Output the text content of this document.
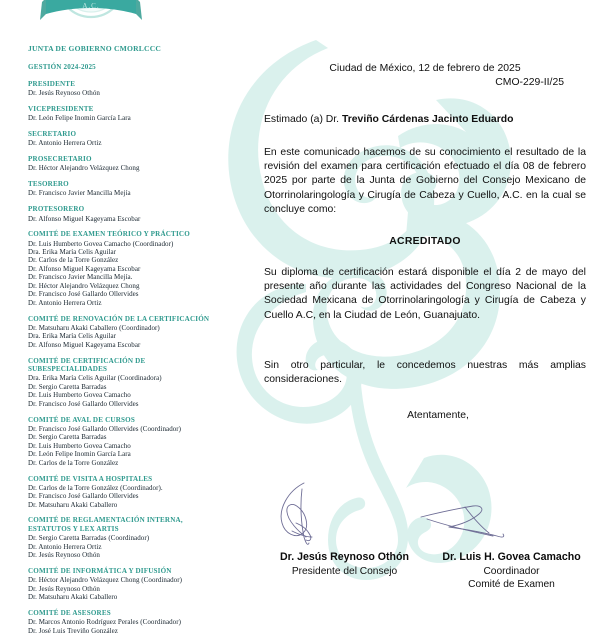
A.C.
JUNTA DE GOBIERNO CMORLCCC
GESTIÓN 2024-2025
PRESIDENTE
Dr. Jesús Reynoso Othón
VICEPRESIDENTE
Dr. León Felipe Inomin García Lara
SECRETARIO
Dr. Antonio Herrera Ortiz
PROSECRETARIO
Dr. Héctor Alejandro Velázquez Chong
TESORERO
Dr. Francisco Javier Mancilla Mejía
PROTESORERO
Dr. Alfonso Miguel Kageyama Escobar
COMITÉ DE EXAMEN TEÓRICO Y PRÁCTICO
Dr. Luis Humberto Govea Camacho (Coordinador)
Dra. Erika María Celis Aguilar
Dr. Carlos de la Torre González
Dr. Alfonso Miguel Kageyama Escobar
Dr. Francisco Javier Mancilla Mejía.
Dr. Héctor Alejandro Velázquez Chong
Dr. Francisco José Gallardo Ollervides
Dr. Antonio Herrera Ortiz
COMITÉ DE RENOVACIÓN DE LA CERTIFICACIÓN
Dr. Matsuharu Akaki Caballero (Coordinador)
Dra. Erika María Celis Aguilar
Dr. Alfonso Miguel Kageyama Escobar
COMITÉ DE CERTIFICACIÓN DE SUBESPECIALIDADES
Dra. Erika María Celis Aguilar (Coordinadora)
Dr. Sergio Caretta Barradas
Dr. Luis Humberto Govea Camacho
Dr. Francisco José Gallardo Ollervides
COMITÉ DE AVAL DE CURSOS
Dr. Francisco José Gallardo Ollervides (Coordinador)
Dr. Sergio Caretta Barradas
Dr. Luis Humberto Govea Camacho
Dr. León Felipe Inomin García Lara
Dr. Carlos de la Torre González
COMITÉ DE VISITA A HOSPITALES
Dr. Carlos de la Torre González (Coordinador).
Dr. Francisco José Gallardo Ollervides
Dr. Matsuharu Akaki Caballero
COMITÉ DE REGLAMENTACIÓN INTERNA, ESTATUTOS Y LEX ARTIS
Dr. Sergio Caretta Barradas (Coordinador)
Dr. Antonio Herrera Ortiz
Dr. Jesús Reynoso Othón
COMITÉ DE INFORMÁTICA Y DIFUSIÓN
Dr. Héctor Alejandro Velázquez Chong (Coordinador)
Dr. Jesús Reynoso Othón
Dr. Matsuharu Akaki Caballero
COMITÉ DE ASESORES
Dr. Marcos Antonio Rodríguez Perales (Coordinador)
Dr. José Luis Treviño González
Ciudad de México, 12 de febrero de 2025
CMO-229-II/25
Estimado (a) Dr. Treviño Cárdenas Jacinto Eduardo
En este comunicado hacemos de su conocimiento el resultado de la revisión del examen para certificación efectuado el día 08 de febrero 2025 por parte de la Junta de Gobierno del Consejo Mexicano de Otorrinolaringología y Cirugía de Cabeza y Cuello, A.C. en la cual se concluye como:
ACREDITADO
Su diploma de certificación estará disponible el día 2 de mayo del presente año durante las actividades del Congreso Nacional de la Sociedad Mexicana de Otorrinolaringología y Cirugía de Cabeza y Cuello A.C, en la Ciudad de León, Guanajuato.
Sin otro particular, le concedemos nuestras más amplias consideraciones.
Atentamente,
Dr. Jesús Reynoso Othón
Presidente del Consejo
Dr. Luis H. Govea Camacho
Coordinador
Comité de Examen
